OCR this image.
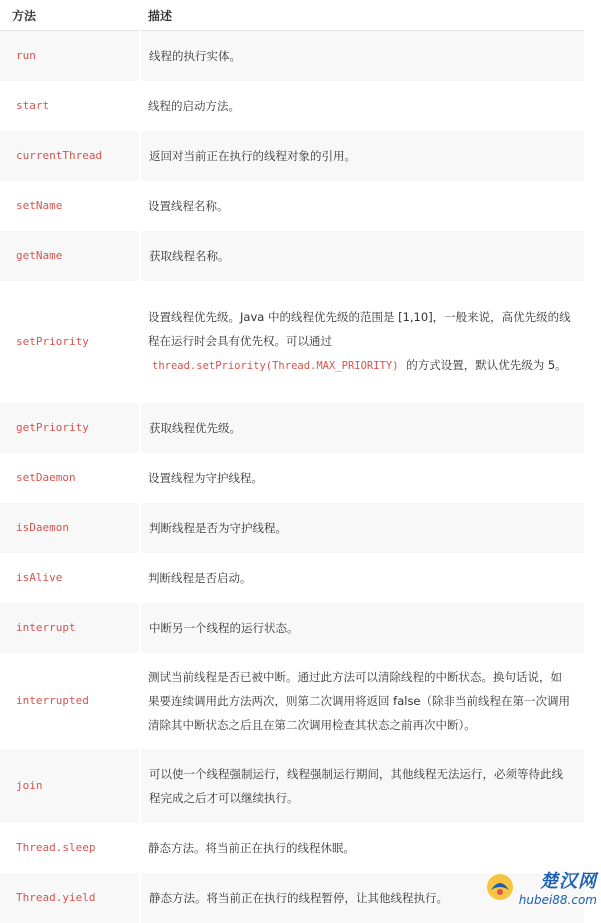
方法	描述
run	线程的执行实体。
start	线程的启动方法。
currentThread	返回对当前正在执行的线程对象的引用。
setName	设置线程名称。
getName	获取线程名称。
setPriority	设置线程优先级。Java 中的线程优先级的范围是 [1,10]，一般来说，高优先级的线程在运行时会具有优先权。可以通过
thread.setPriority(Thread.MAX_PRIORITY) 的方式设置，默认优先级为 5。
getPriority	获取线程优先级。
setDaemon	设置线程为守护线程。
isDaemon	判断线程是否为守护线程。
isAlive	判断线程是否启动。
interrupt	中断另一个线程的运行状态。
interrupted	测试当前线程是否已被中断。通过此方法可以清除线程的中断状态。换句话说，如果要连续调用此方法两次，则第二次调用将返回 false（除非当前线程在第一次调用清除其中断状态之后且在第二次调用检查其状态之前再次中断）。
join	可以使一个线程强制运行，线程强制运行期间，其他线程无法运行，必须等待此线程完成之后才可以继续执行。
Thread.sleep	静态方法。将当前正在执行的线程休眠。
Thread.yield	静态方法。将当前正在执行的线程暂停，让其他线程执行。
楚汉网
hubei88.com
